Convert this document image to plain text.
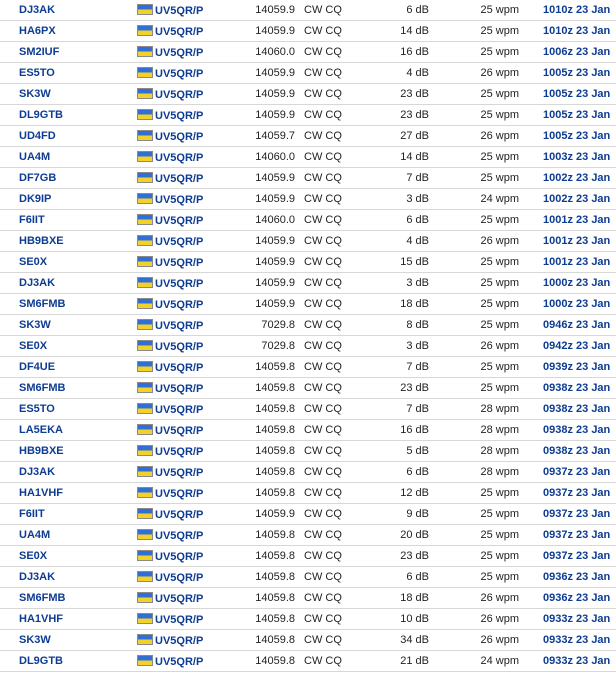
DJ3AK	UV5QR/P	14059.9	CW CQ	6 dB	25 wpm	1010z 23 Jan
HA6PX	UV5QR/P	14059.9	CW CQ	14 dB	25 wpm	1010z 23 Jan
SM2IUF	UV5QR/P	14060.0	CW CQ	16 dB	25 wpm	1006z 23 Jan
ES5TO	UV5QR/P	14059.9	CW CQ	4 dB	26 wpm	1005z 23 Jan
SK3W	UV5QR/P	14059.9	CW CQ	23 dB	25 wpm	1005z 23 Jan
DL9GTB	UV5QR/P	14059.9	CW CQ	23 dB	25 wpm	1005z 23 Jan
UD4FD	UV5QR/P	14059.7	CW CQ	27 dB	26 wpm	1005z 23 Jan
UA4M	UV5QR/P	14060.0	CW CQ	14 dB	25 wpm	1003z 23 Jan
DF7GB	UV5QR/P	14059.9	CW CQ	7 dB	25 wpm	1002z 23 Jan
DK9IP	UV5QR/P	14059.9	CW CQ	3 dB	24 wpm	1002z 23 Jan
F6IIT	UV5QR/P	14060.0	CW CQ	6 dB	25 wpm	1001z 23 Jan
HB9BXE	UV5QR/P	14059.9	CW CQ	4 dB	26 wpm	1001z 23 Jan
SE0X	UV5QR/P	14059.9	CW CQ	15 dB	25 wpm	1001z 23 Jan
DJ3AK	UV5QR/P	14059.9	CW CQ	3 dB	25 wpm	1000z 23 Jan
SM6FMB	UV5QR/P	14059.9	CW CQ	18 dB	25 wpm	1000z 23 Jan
SK3W	UV5QR/P	7029.8	CW CQ	8 dB	25 wpm	0946z 23 Jan
SE0X	UV5QR/P	7029.8	CW CQ	3 dB	26 wpm	0942z 23 Jan
DF4UE	UV5QR/P	14059.8	CW CQ	7 dB	25 wpm	0939z 23 Jan
SM6FMB	UV5QR/P	14059.8	CW CQ	23 dB	25 wpm	0938z 23 Jan
ES5TO	UV5QR/P	14059.8	CW CQ	7 dB	28 wpm	0938z 23 Jan
LA5EKA	UV5QR/P	14059.8	CW CQ	16 dB	28 wpm	0938z 23 Jan
HB9BXE	UV5QR/P	14059.8	CW CQ	5 dB	28 wpm	0938z 23 Jan
DJ3AK	UV5QR/P	14059.8	CW CQ	6 dB	28 wpm	0937z 23 Jan
HA1VHF	UV5QR/P	14059.8	CW CQ	12 dB	25 wpm	0937z 23 Jan
F6IIT	UV5QR/P	14059.9	CW CQ	9 dB	25 wpm	0937z 23 Jan
UA4M	UV5QR/P	14059.8	CW CQ	20 dB	25 wpm	0937z 23 Jan
SE0X	UV5QR/P	14059.8	CW CQ	23 dB	25 wpm	0937z 23 Jan
DJ3AK	UV5QR/P	14059.8	CW CQ	6 dB	25 wpm	0936z 23 Jan
SM6FMB	UV5QR/P	14059.8	CW CQ	18 dB	26 wpm	0936z 23 Jan
HA1VHF	UV5QR/P	14059.8	CW CQ	10 dB	26 wpm	0933z 23 Jan
SK3W	UV5QR/P	14059.8	CW CQ	34 dB	26 wpm	0933z 23 Jan
DL9GTB	UV5QR/P	14059.8	CW CQ	21 dB	24 wpm	0933z 23 Jan
